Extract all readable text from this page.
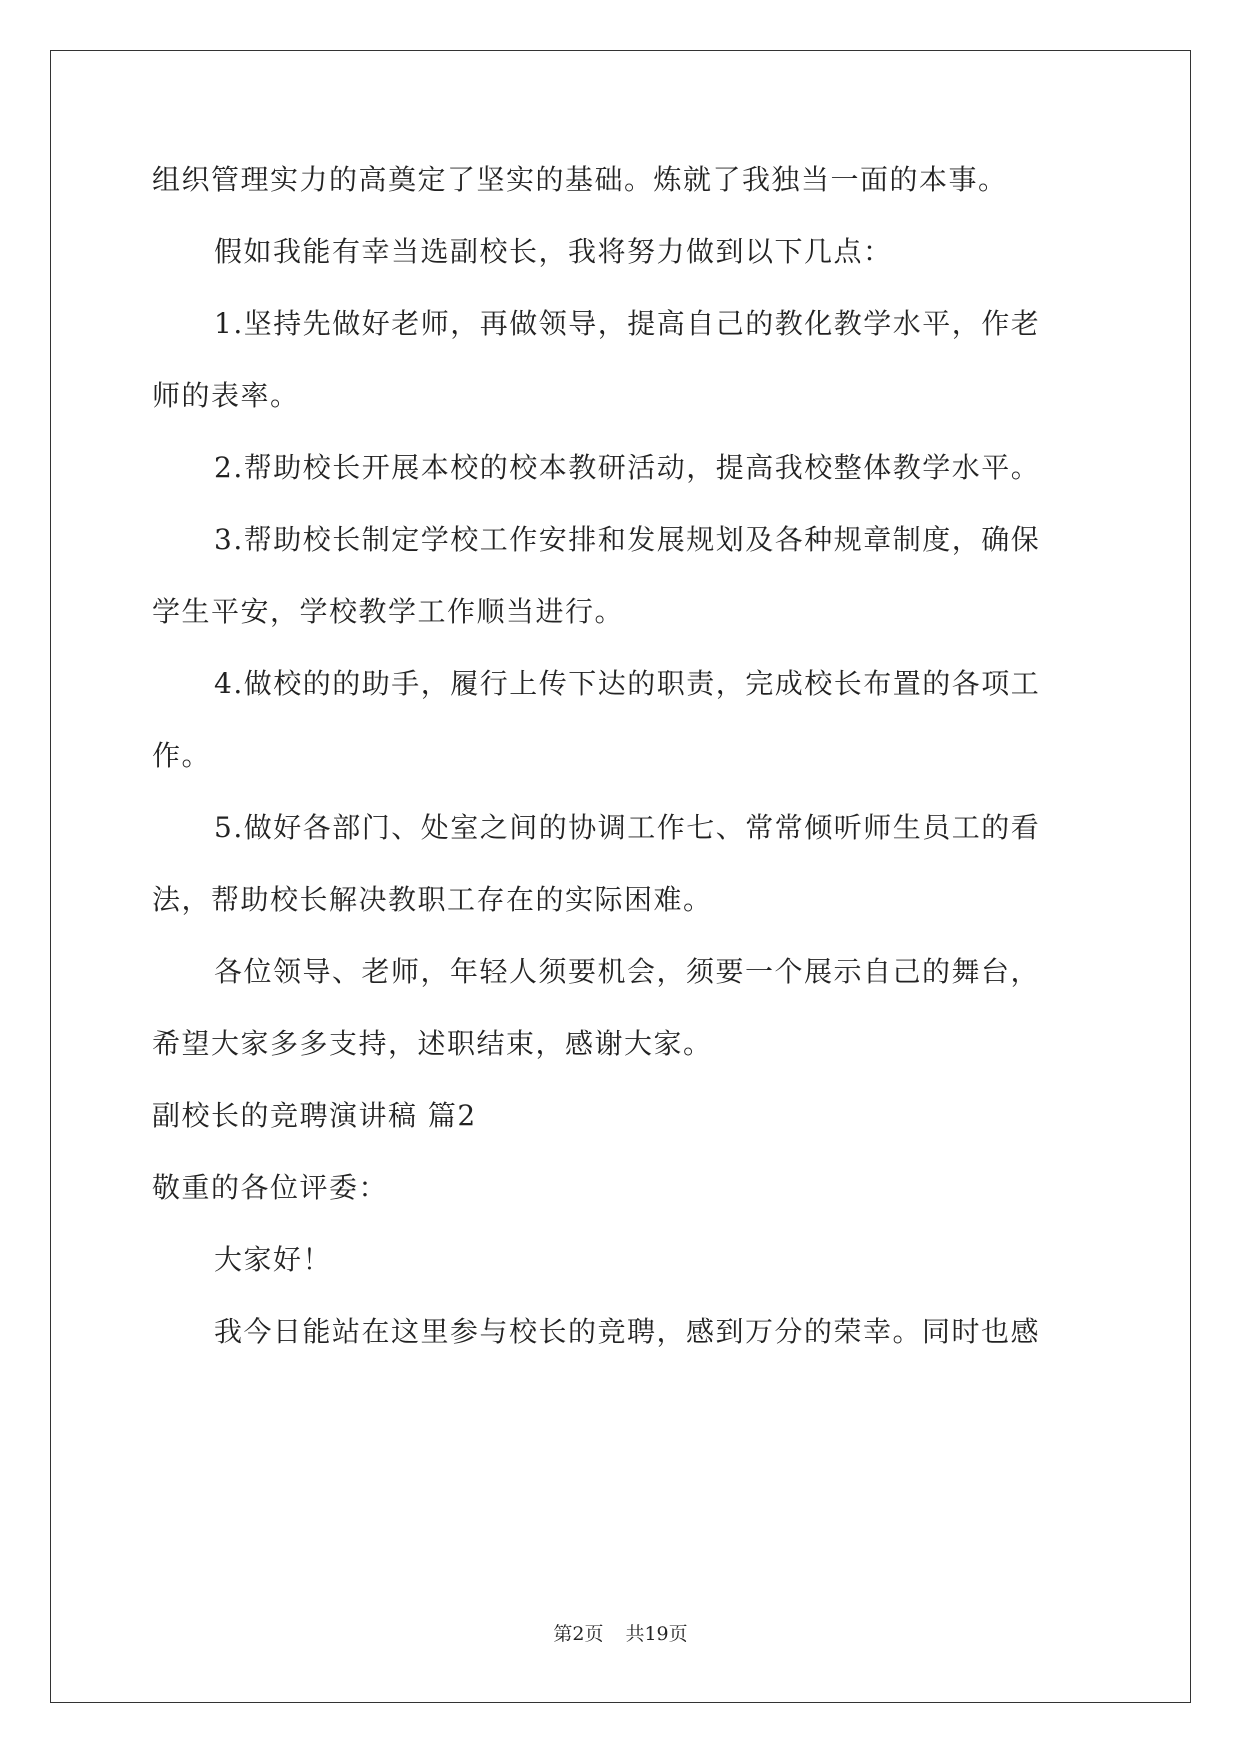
组织管理实力的高奠定了坚实的基础。炼就了我独当一面的本事。
假如我能有幸当选副校长，我将努力做到以下几点：
1.坚持先做好老师，再做领导，提高自己的教化教学水平，作老
师的表率。
2.帮助校长开展本校的校本教研活动，提高我校整体教学水平。
3.帮助校长制定学校工作安排和发展规划及各种规章制度，确保
学生平安，学校教学工作顺当进行。
4.做校的的助手，履行上传下达的职责，完成校长布置的各项工
作。
5.做好各部门、处室之间的协调工作七、常常倾听师生员工的看
法，帮助校长解决教职工存在的实际困难。
各位领导、老师，年轻人须要机会，须要一个展示自己的舞台，
希望大家多多支持，述职结束，感谢大家。
副校长的竞聘演讲稿 篇2
敬重的各位评委：
大家好！
我今日能站在这里参与校长的竞聘，感到万分的荣幸。同时也感
第2页 共19页
